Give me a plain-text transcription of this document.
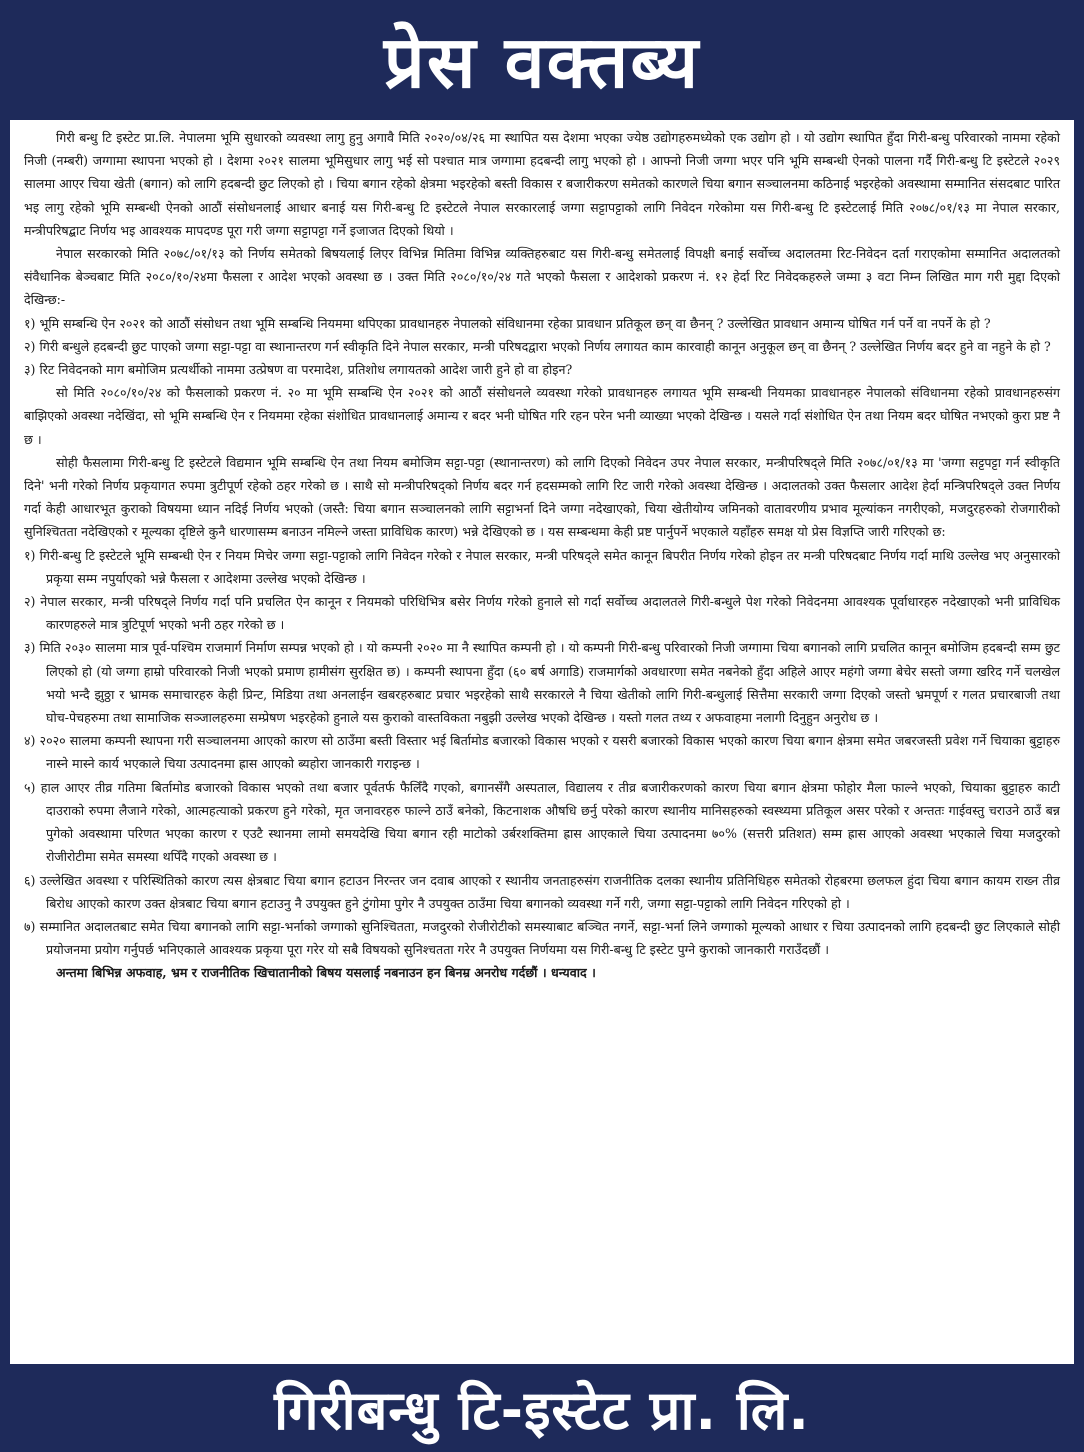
प्रेस वक्तब्य

गिरी बन्धु टि इस्टेट प्रा.लि. नेपालमा भूमि सुधारको व्यवस्था लागु हुनु अगावै मिति २०२०/०४/२६ मा स्थापित यस देशमा भएका ज्येष्ठ उद्योगहरुमध्येको एक उद्योग हो । यो उद्योग स्थापित हुँदा गिरी-बन्धु परिवारको नाममा रहेको निजी (नम्बरी) जग्गामा स्थापना भएको हो । देशमा २०२१ सालमा भूमिसुधार लागु भई सो पश्चात मात्र जग्गामा हदबन्दी लागु भएको हो । आफ्नो निजी जग्गा भएर पनि भूमि सम्बन्धी ऐनको पालना गर्दै गिरी-बन्धु टि इस्टेटले २०२९ सालमा आएर चिया खेती (बगान) को लागि हदबन्दी छुट लिएको हो । चिया बगान रहेको क्षेत्रमा भइरहेको बस्ती विकास र बजारीकरण समेतको कारणले चिया बगान सञ्चालनमा कठिनाई भइरहेको अवस्थामा सम्मानित संसदबाट पारित भइ लागु रहेको भूमि सम्बन्धी ऐनको आठौं संसोधनलाई आधार बनाई यस गिरी-बन्धु टि इस्टेटले नेपाल सरकारलाई जग्गा सट्टापट्टाको लागि निवेदन गरेकोमा यस गिरी-बन्धु टि इस्टेटलाई मिति २०७८/०१/१३ मा नेपाल सरकार, मन्त्रीपरिषद्बाट निर्णय भइ आवश्यक मापदण्ड पूरा गरी जग्गा सट्टापट्टा गर्ने इजाजत दिएको थियो ।

नेपाल सरकारको मिति २०७८/०१/१३ को निर्णय समेतको बिषयलाई लिएर विभिन्न मितिमा विभिन्न व्यक्तिहरुबाट यस गिरी-बन्धु समेतलाई विपक्षी बनाई सर्वोच्च अदालतमा रिट-निवेदन दर्ता गराएकोमा सम्मानित अदालतको संवैधानिक बेञ्चबाट मिति २०८०/१०/२४मा फैसला र आदेश भएको अवस्था छ । उक्त मिति २०८०/१०/२४ गते भएको फैसला र आदेशको प्रकरण नं. १२ हेर्दा रिट निवेदकहरुले जम्मा ३ वटा निम्न लिखित माग गरी मुद्दा दिएको देखिन्छ:-

१) भूमि सम्बन्धि ऐन २०२१ को आठौं संसोधन तथा भूमि सम्बन्धि नियममा थपिएका प्रावधानहरु नेपालको संविधानमा रहेका प्रावधान प्रतिकूल छन् वा छैनन् ? उल्लेखित प्रावधान अमान्य घोषित गर्न पर्ने वा नपर्ने के हो ?

२) गिरी बन्धुले हदबन्दी छुट पाएको जग्गा सट्टा-पट्टा वा स्थानान्तरण गर्न स्वीकृति दिने नेपाल सरकार, मन्त्री परिषदद्वारा भएको निर्णय लगायत काम कारवाही कानून अनुकूल छन् वा छैनन् ? उल्लेखित निर्णय बदर हुने वा नहुने के हो ?

३) रिट निवेदनको माग बमोजिम प्रत्यर्थीको नाममा उत्प्रेषण वा परमादेश, प्रतिशोध लगायतको आदेश जारी हुने हो वा होइन?

सो मिति २०८०/१०/२४ को फैसलाको प्रकरण नं. २० मा भूमि सम्बन्धि ऐन २०२१ को आठौं संसोधनले व्यवस्था गरेको प्रावधानहरु लगायत भूमि सम्बन्धी नियमका प्रावधानहरु नेपालको संविधानमा रहेको प्रावधानहरुसंग बाझिएको अवस्था नदेखिंदा, सो भूमि सम्बन्धि ऐन र नियममा रहेका संशोधित प्रावधानलाई अमान्य र बदर भनी घोषित गरि रहन परेन भनी व्याख्या भएको देखिन्छ । यसले गर्दा संशोधित ऐन तथा नियम बदर घोषित नभएको कुरा प्रष्ट नै छ ।

सोही फैसलामा गिरी-बन्धु टि इस्टेटले विद्यमान भूमि सम्बन्धि ऐन तथा नियम बमोजिम सट्टा-पट्टा (स्थानान्तरण) को लागि दिएको निवेदन उपर नेपाल सरकार, मन्त्रीपरिषद्ले मिति २०७८/०१/१३ मा 'जग्गा सट्टपट्टा गर्न स्वीकृति दिने' भनी गरेको निर्णय प्रकृयागत रुपमा त्रुटीपूर्ण रहेको ठहर गरेको छ । साथै सो मन्त्रीपरिषद्को निर्णय बदर गर्न हदसम्मको लागि रिट जारी गरेको अवस्था देखिन्छ । अदालतको उक्त फैसलार आदेश हेर्दा मन्त्रिपरिषद्ले उक्त निर्णय गर्दा केही आधारभूत कुराको विषयमा ध्यान नदिई निर्णय भएको (जस्तै: चिया बगान सञ्चालनको लागि सट्टाभर्ना दिने जग्गा नदेखाएको, चिया खेतीयोग्य जमिनको वातावरणीय प्रभाव मूल्यांकन नगरीएको, मजदुरहरुको रोजगारीको सुनिश्चितता नदेखिएको र मूल्यका दृष्टिले कुनै धारणासम्म बनाउन नमिल्ने जस्ता प्राविधिक कारण) भन्ने देखिएको छ । यस सम्बन्धमा केही प्रष्ट पार्नुपर्ने भएकाले यहाँहरु समक्ष यो प्रेस विज्ञप्ति जारी गरिएको छ:

१) गिरी-बन्धु टि इस्टेटले भूमि सम्बन्धी ऐन र नियम मिचेर जग्गा सट्टा-पट्टाको लागि निवेदन गरेको र नेपाल सरकार, मन्त्री परिषद्ले समेत कानून बिपरीत निर्णय गरेको होइन तर मन्त्री परिषदबाट निर्णय गर्दा माथि उल्लेख भए अनुसारको प्रकृया सम्म नपुर्याएको भन्ने फैसला र आदेशमा उल्लेख भएको देखिन्छ ।

२) नेपाल सरकार, मन्त्री परिषद्ले निर्णय गर्दा पनि प्रचलित ऐन कानून र नियमको परिधिभित्र बसेर निर्णय गरेको हुनाले सो गर्दा सर्वोच्च अदालतले गिरी-बन्धुले पेश गरेको निवेदनमा आवश्यक पूर्वाधारहरु नदेखाएको भनी प्राविधिक कारणहरुले मात्र त्रुटिपूर्ण भएको भनी ठहर गरेको छ ।

३) मिति २०३० सालमा मात्र पूर्व-पश्चिम राजमार्ग निर्माण सम्पन्न भएको हो । यो कम्पनी २०२० मा नै स्थापित कम्पनी हो । यो कम्पनी गिरी-बन्धु परिवारको निजी जग्गामा चिया बगानको लागि प्रचलित कानून बमोजिम हदबन्दी सम्म छुट लिएको हो (यो जग्गा हाम्रो परिवारको निजी भएको प्रमाण हामीसंग सुरक्षित छ) । कम्पनी स्थापना हुँदा (६० बर्ष अगाडि) राजमार्गको अवधारणा समेत नबनेको हुँदा अहिले आएर महंगो जग्गा बेचेर सस्तो जग्गा खरिद गर्ने चलखेल भयो भन्दै झुठ्ठा र भ्रामक समाचारहरु केही प्रिन्ट, मिडिया तथा अनलाईन खबरहरुबाट प्रचार भइरहेको साथै सरकारले नै चिया खेतीको लागि गिरी-बन्धुलाई सित्तैमा सरकारी जग्गा दिएको जस्तो भ्रमपूर्ण र गलत प्रचारबाजी तथा घोच-पेचहरुमा तथा सामाजिक सञ्जालहरुमा सम्प्रेषण भइरहेको हुनाले यस कुराको वास्तविकता नबुझी उल्लेख भएको देखिन्छ । यस्तो गलत तथ्य र अफवाहमा नलागी दिनुहुन अनुरोध छ ।

४) २०२० सालमा कम्पनी स्थापना गरी सञ्चालनमा आएको कारण सो ठाउँमा बस्ती विस्तार भई बिर्तामोड बजारको विकास भएको र यसरी बजारको विकास भएको कारण चिया बगान क्षेत्रमा समेत जबरजस्ती प्रवेश गर्ने चियाका बुट्टाहरु नास्ने मास्ने कार्य भएकाले चिया उत्पादनमा ह्रास आएको ब्यहोरा जानकारी गराइन्छ ।

५) हाल आएर तीव्र गतिमा बिर्तामोड बजारको विकास भएको तथा बजार पूर्वतर्फ फैलिँदै गएको, बगानसँगै अस्पताल, विद्यालय र तीव्र बजारीकरणको कारण चिया बगान क्षेत्रमा फोहोर मैला फाल्ने भएको, चियाका बुट्टाहरु काटी दाउराको रुपमा लैजाने गरेको, आत्महत्याको प्रकरण हुने गरेको, मृत जनावरहरु फाल्ने ठाउँ बनेको, किटनाशक औषधि छर्नु परेको कारण स्थानीय मानिसहरुको स्वस्थ्यमा प्रतिकूल असर परेको र अन्ततः गाईवस्तु चराउने ठाउँ बन्न पुगेको अवस्थामा परिणत भएका कारण र एउटै स्थानमा लामो समयदेखि चिया बगान रही माटोको उर्बरशक्तिमा ह्रास आएकाले चिया उत्पादनमा ७०% (सत्तरी प्रतिशत) सम्म ह्रास आएको अवस्था भएकाले चिया मजदुरको रोजीरोटीमा समेत समस्या थपिँदै गएको अवस्था छ ।

६) उल्लेखित अवस्था र परिस्थितिको कारण त्यस क्षेत्रबाट चिया बगान हटाउन निरन्तर जन दवाब आएको र स्थानीय जनताहरुसंग राजनीतिक दलका स्थानीय प्रतिनिधिहरु समेतको रोहबरमा छलफल हुंदा चिया बगान कायम राख्न तीव्र बिरोध आएको कारण उक्त क्षेत्रबाट चिया बगान हटाउनु नै उपयुक्त हुने टुंगोमा पुगेर नै उपयुक्त ठाउँमा चिया बगानको व्यवस्था गर्ने गरी, जग्गा सट्टा-पट्टाको लागि निवेदन गरिएको हो ।

७) सम्मानित अदालतबाट समेत चिया बगानको लागि सट्टा-भर्नाको जग्गाको सुनिश्चितता, मजदुरको रोजीरोटीको समस्याबाट बञ्चित नगर्ने, सट्टा-भर्ना लिने जग्गाको मूल्यको आधार र चिया उत्पादनको लागि हदबन्दी छुट लिएकाले सोही प्रयोजनमा प्रयोग गर्नुपर्छ भनिएकाले आवश्यक प्रकृया पूरा गरेर यो सबै विषयको सुनिश्चतता गरेर नै उपयुक्त निर्णयमा यस गिरी-बन्धु टि इस्टेट पुग्ने कुराको जानकारी गराउँदछौं ।

अन्तमा बिभिन्न अफवाह, भ्रम र राजनीतिक खिचातानीको बिषय यसलाई नबनाउन हन बिनम्र अनरोध गर्दछौं । धन्यवाद ।

गिरीबन्धु टि-इस्टेट प्रा. लि.
